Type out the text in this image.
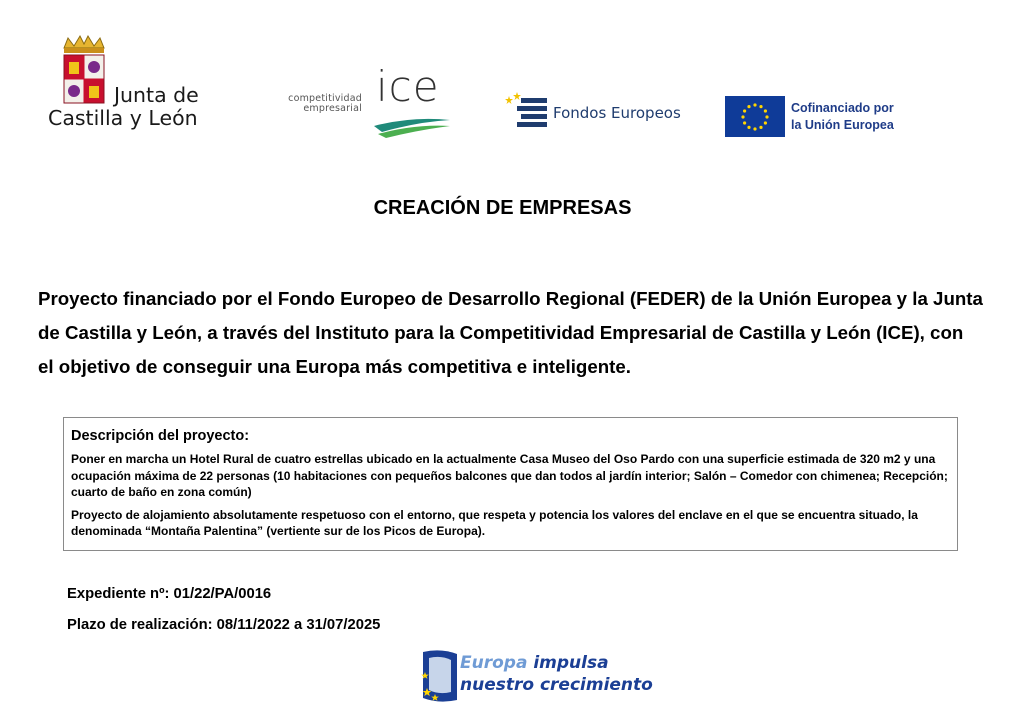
Junta de
Castilla y León
competitividad
empresarial ice
Fondos Europeos	Cofinanciado por
la Unión Europea
CREACIÓN DE EMPRESAS
Proyecto financiado por el Fondo Europeo de Desarrollo Regional (FEDER) de la Unión Europea y la Junta de Castilla y León, a través del Instituto para la Competitividad Empresarial de Castilla y León (ICE), con el objetivo de conseguir una Europa más competitiva e inteligente.
Descripción del proyecto:

Poner en marcha un Hotel Rural de cuatro estrellas ubicado en la actualmente Casa Museo del Oso Pardo con una superficie estimada de 320 m2 y una ocupación máxima de 22 personas (10 habitaciones con pequeños balcones que dan todos al jardín interior; Salón – Comedor con chimenea; Recepción; cuarto de baño en zona común)

Proyecto de alojamiento absolutamente respetuoso con el entorno, que respeta y potencia los valores del enclave en el que se encuentra situado, la denominada “Montaña Palentina” (vertiente sur de los Picos de Europa).

Expediente nº: 01/22/PA/0016
Plazo de realización: 08/11/2022 a 31/07/2025
Europa impulsa
nuestro crecimiento
